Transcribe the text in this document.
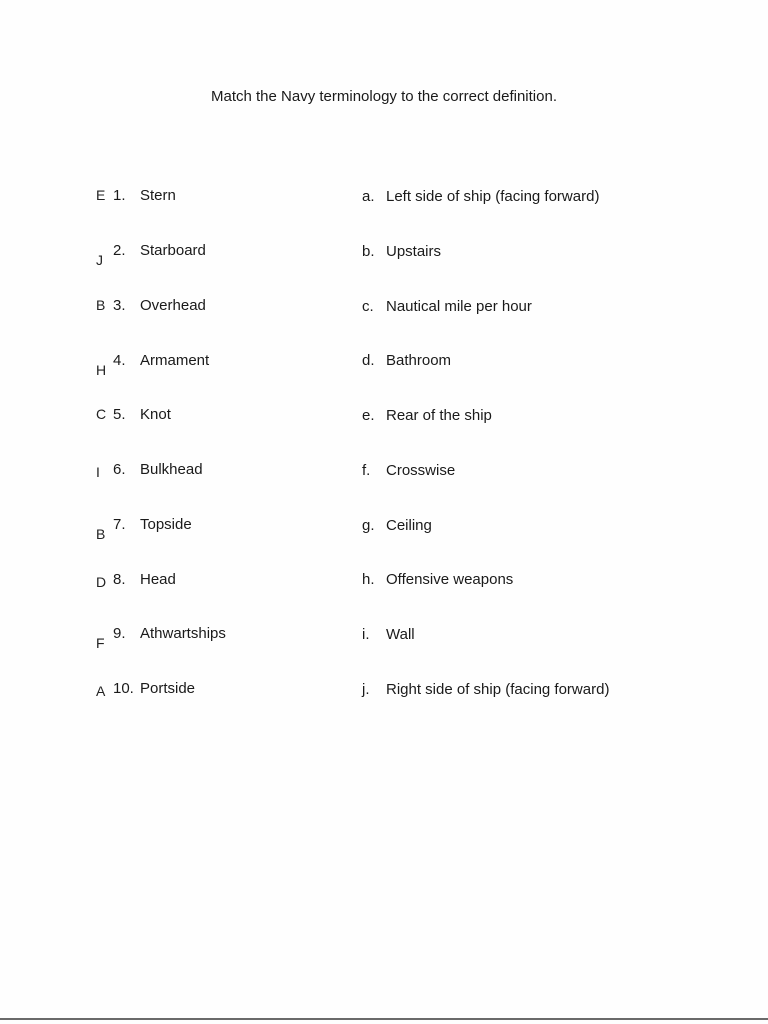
Match the Navy terminology to the correct definition.
E 1. Stern
J
2. Starboard
B 3. Overhead
H
4. Armament
C 5. Knot
I 6. Bulkhead
B
7. Topside
D 8. Head
F
9. Athwartships
A 10. Portside
a. Left side of ship (facing forward)
b. Upstairs
c. Nautical mile per hour
d. Bathroom
e. Rear of the ship
f. Crosswise
g. Ceiling
h. Offensive weapons
i. Wall
j. Right side of ship (facing forward)
